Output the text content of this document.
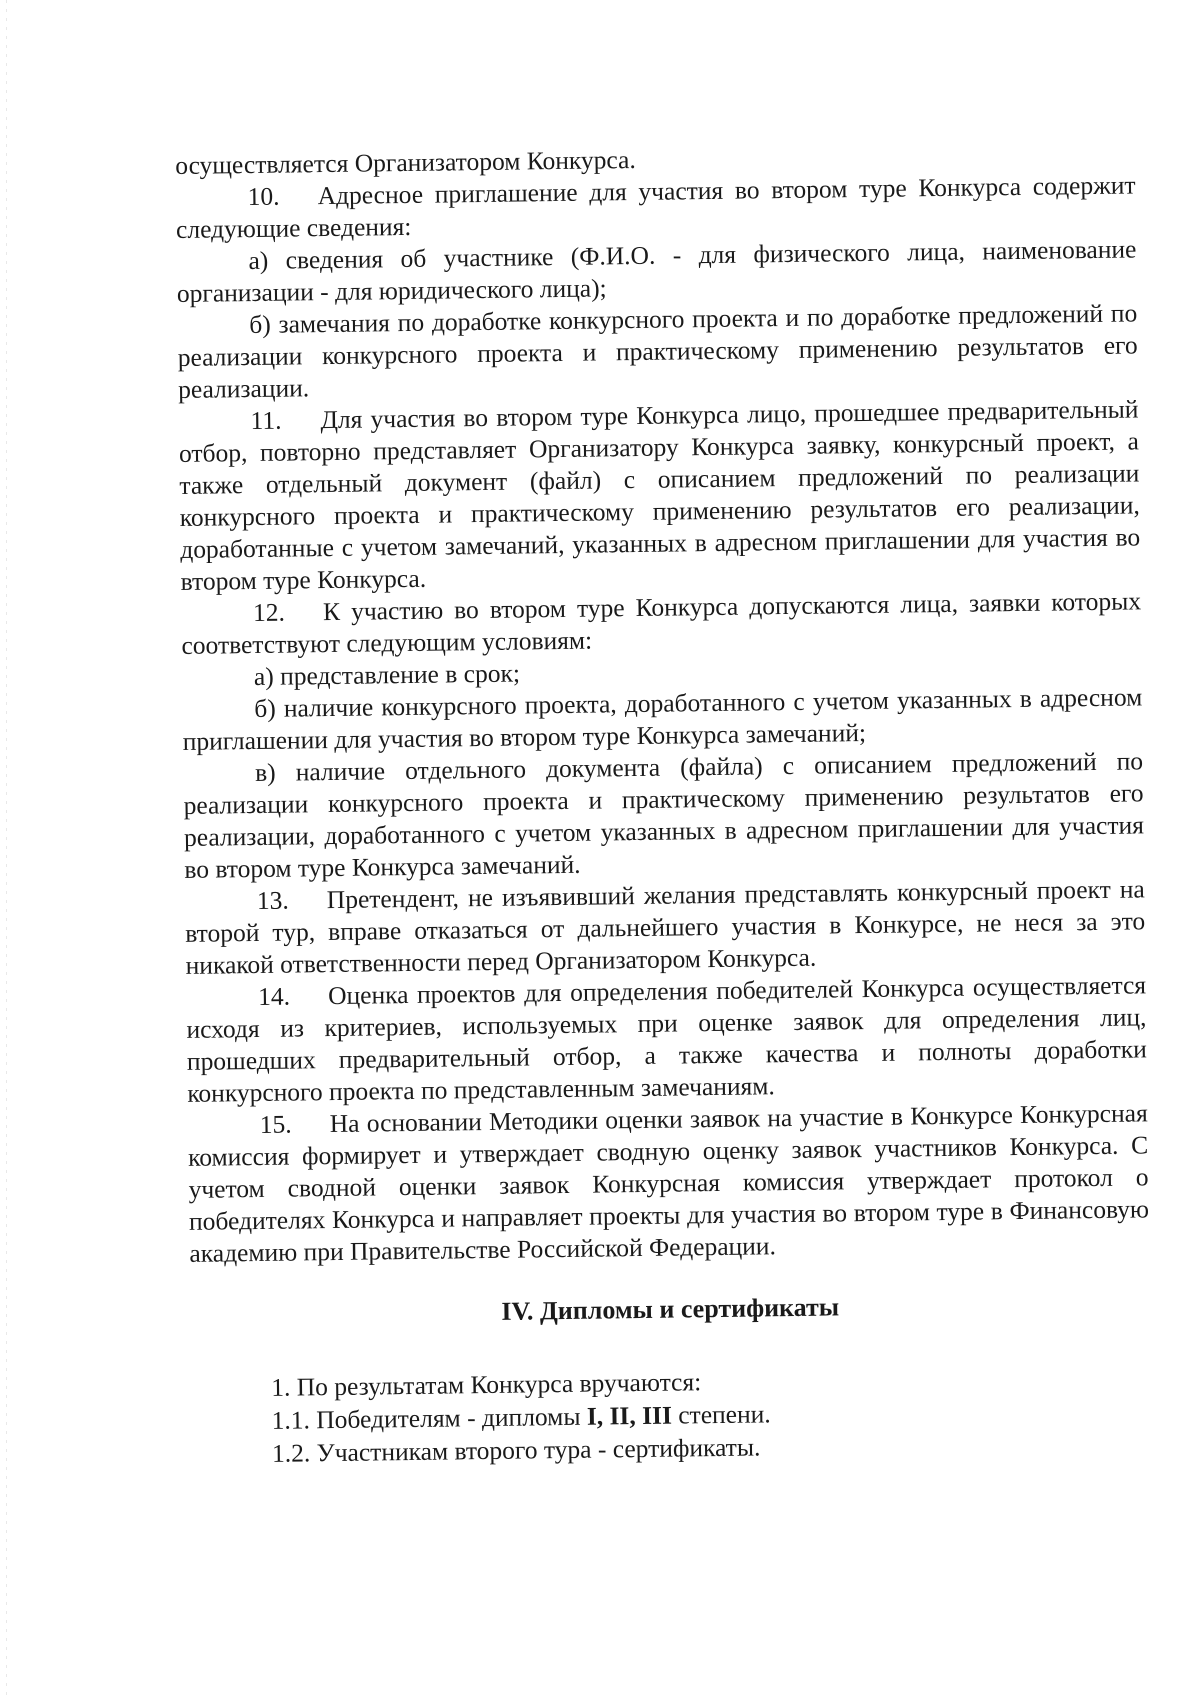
осуществляется Организатором Конкурса.

10. Адресное приглашение для участия во втором туре Конкурса содержит следующие сведения:

а) сведения об участнике (Ф.И.О. - для физического лица, наименование организации - для юридического лица);

б) замечания по доработке конкурсного проекта и по доработке предложений по реализации конкурсного проекта и практическому применению результатов его реализации.

11. Для участия во втором туре Конкурса лицо, прошедшее предварительный отбор, повторно представляет Организатору Конкурса заявку, конкурсный проект, а также отдельный документ (файл) с описанием предложений по реализации конкурсного проекта и практическому применению результатов его реализации, доработанные с учетом замечаний, указанных в адресном приглашении для участия во втором туре Конкурса.

12. К участию во втором туре Конкурса допускаются лица, заявки которых соответствуют следующим условиям:

а) представление в срок;

б) наличие конкурсного проекта, доработанного с учетом указанных в адресном приглашении для участия во втором туре Конкурса замечаний;

в) наличие отдельного документа (файла) с описанием предложений по реализации конкурсного проекта и практическому применению результатов его реализации, доработанного с учетом указанных в адресном приглашении для участия во втором туре Конкурса замечаний.

13. Претендент, не изъявивший желания представлять конкурсный проект на второй тур, вправе отказаться от дальнейшего участия в Конкурсе, не неся за это никакой ответственности перед Организатором Конкурса.

14. Оценка проектов для определения победителей Конкурса осуществляется исходя из критериев, используемых при оценке заявок для определения лиц, прошедших предварительный отбор, а также качества и полноты доработки конкурсного проекта по представленным замечаниям.

15. На основании Методики оценки заявок на участие в Конкурсе Конкурсная комиссия формирует и утверждает сводную оценку заявок участников Конкурса. С учетом сводной оценки заявок Конкурсная комиссия утверждает протокол о победителях Конкурса и направляет проекты для участия во втором туре в Финансовую академию при Правительстве Российской Федерации.

IV. Дипломы и сертификаты

1. По результатам Конкурса вручаются:

1.1. Победителям - дипломы I, II, III степени.

1.2. Участникам второго тура - сертификаты.
